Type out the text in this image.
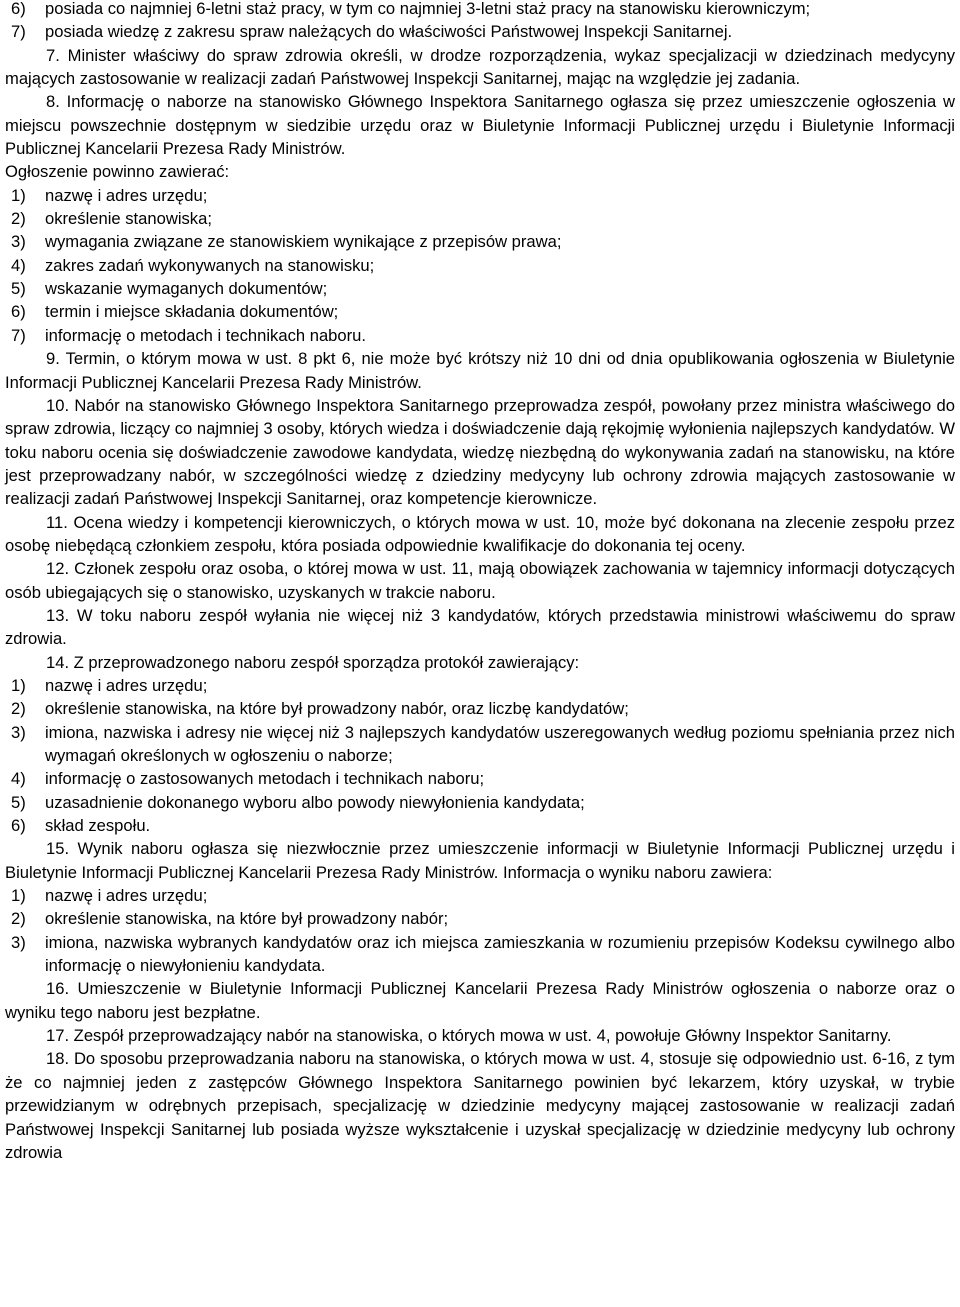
6) posiada co najmniej 6-letni staż pracy, w tym co najmniej 3-letni staż pracy na stanowisku kierowniczym;

7) posiada wiedzę z zakresu spraw należących do właściwości Państwowej Inspekcji Sanitarnej.

7. Minister właściwy do spraw zdrowia określi, w drodze rozporządzenia, wykaz specjalizacji w dziedzinach medycyny mających zastosowanie w realizacji zadań Państwowej Inspekcji Sanitarnej, mając na względzie jej zadania.

8. Informację o naborze na stanowisko Głównego Inspektora Sanitarnego ogłasza się przez umieszczenie ogłoszenia w miejscu powszechnie dostępnym w siedzibie urzędu oraz w Biuletynie Informacji Publicznej urzędu i Biuletynie Informacji Publicznej Kancelarii Prezesa Rady Ministrów.

Ogłoszenie powinno zawierać:

1) nazwę i adres urzędu;

2) określenie stanowiska;

3) wymagania związane ze stanowiskiem wynikające z przepisów prawa;

4) zakres zadań wykonywanych na stanowisku;

5) wskazanie wymaganych dokumentów;

6) termin i miejsce składania dokumentów;

7) informację o metodach i technikach naboru.

9. Termin, o którym mowa w ust. 8 pkt 6, nie może być krótszy niż 10 dni od dnia opublikowania ogłoszenia w Biuletynie Informacji Publicznej Kancelarii Prezesa Rady Ministrów.

10. Nabór na stanowisko Głównego Inspektora Sanitarnego przeprowadza zespół, powołany przez ministra właściwego do spraw zdrowia, liczący co najmniej 3 osoby, których wiedza i doświadczenie dają rękojmię wyłonienia najlepszych kandydatów. W toku naboru ocenia się doświadczenie zawodowe kandydata, wiedzę niezbędną do wykonywania zadań na stanowisku, na które jest przeprowadzany nabór, w szczególności wiedzę z dziedziny medycyny lub ochrony zdrowia mających zastosowanie w realizacji zadań Państwowej Inspekcji Sanitarnej, oraz kompetencje kierownicze.

11. Ocena wiedzy i kompetencji kierowniczych, o których mowa w ust. 10, może być dokonana na zlecenie zespołu przez osobę niebędącą członkiem zespołu, która posiada odpowiednie kwalifikacje do dokonania tej oceny.

12. Członek zespołu oraz osoba, o której mowa w ust. 11, mają obowiązek zachowania w tajemnicy informacji dotyczących osób ubiegających się o stanowisko, uzyskanych w trakcie naboru.

13. W toku naboru zespół wyłania nie więcej niż 3 kandydatów, których przedstawia ministrowi właściwemu do spraw zdrowia.

14. Z przeprowadzonego naboru zespół sporządza protokół zawierający:

1) nazwę i adres urzędu;

2) określenie stanowiska, na które był prowadzony nabór, oraz liczbę kandydatów;

3) imiona, nazwiska i adresy nie więcej niż 3 najlepszych kandydatów uszeregowanych według poziomu spełniania przez nich wymagań określonych w ogłoszeniu o naborze;

4) informację o zastosowanych metodach i technikach naboru;

5) uzasadnienie dokonanego wyboru albo powody niewyłonienia kandydata;

6) skład zespołu.

15. Wynik naboru ogłasza się niezwłocznie przez umieszczenie informacji w Biuletynie Informacji Publicznej urzędu i Biuletynie Informacji Publicznej Kancelarii Prezesa Rady Ministrów. Informacja o wyniku naboru zawiera:

1) nazwę i adres urzędu;

2) określenie stanowiska, na które był prowadzony nabór;

3) imiona, nazwiska wybranych kandydatów oraz ich miejsca zamieszkania w rozumieniu przepisów Kodeksu cywilnego albo informację o niewyłonieniu kandydata.

16. Umieszczenie w Biuletynie Informacji Publicznej Kancelarii Prezesa Rady Ministrów ogłoszenia o naborze oraz o wyniku tego naboru jest bezpłatne.

17. Zespół przeprowadzający nabór na stanowiska, o których mowa w ust. 4, powołuje Główny Inspektor Sanitarny.

18. Do sposobu przeprowadzania naboru na stanowiska, o których mowa w ust. 4, stosuje się odpowiednio ust. 6-16, z tym że co najmniej jeden z zastępców Głównego Inspektora Sanitarnego powinien być lekarzem, który uzyskał, w trybie przewidzianym w odrębnych przepisach, specjalizację w dziedzinie medycyny mającej zastosowanie w realizacji zadań Państwowej Inspekcji Sanitarnej lub posiada wyższe wykształcenie i uzyskał specjalizację w dziedzinie medycyny lub ochrony zdrowia
